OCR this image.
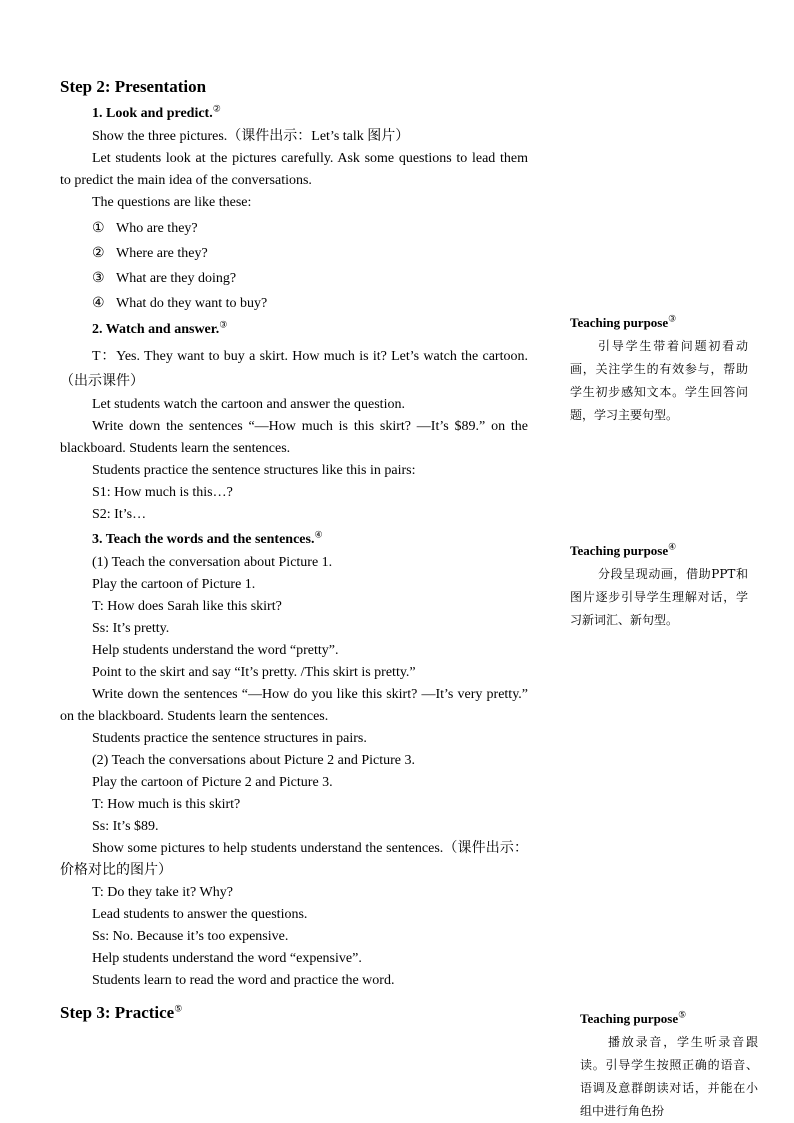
Step 2: Presentation
1. Look and predict.②
Show the three pictures.（课件出示：Let’s talk 图片）
Let students look at the pictures carefully. Ask some questions to lead them to predict the main idea of the conversations.
The questions are like these:
① Who are they?
② Where are they?
③ What are they doing?
④ What do they want to buy?
2. Watch and answer.③
T：Yes. They want to buy a skirt. How much is it? Let’s watch the cartoon.（出示课件）
Let students watch the cartoon and answer the question.
Write down the sentences “—How much is this skirt? —It’s $89.” on the blackboard. Students learn the sentences.
Students practice the sentence structures like this in pairs:
S1: How much is this…?
S2: It’s…
3. Teach the words and the sentences.④
(1) Teach the conversation about Picture 1.
Play the cartoon of Picture 1.
T: How does Sarah like this skirt?
Ss: It’s pretty.
Help students understand the word “pretty”.
Point to the skirt and say “It’s pretty. /This skirt is pretty.”
Write down the sentences “—How do you like this skirt? —It’s very pretty.” on the blackboard. Students learn the sentences.
Students practice the sentence structures in pairs.
(2) Teach the conversations about Picture 2 and Picture 3.
Play the cartoon of Picture 2 and Picture 3.
T: How much is this skirt?
Ss: It’s $89.
Show some pictures to help students understand the sentences.（课件出示：价格对比的图片）
T: Do they take it? Why?
Lead students to answer the questions.
Ss: No. Because it’s too expensive.
Help students understand the word “expensive”.
Students learn to read the word and practice the word.
Step 3: Practice⑤
Teaching purpose③
引导学生带着问题初看动画，关注学生的有效参与，帮助学生初步感知文本。学生回答问题，学习主要句型。
Teaching purpose④
分段呈现动画，借助PPT和图片逐步引导学生理解对话，学习新词汇、新句型。
Teaching purpose⑤
播放录音，学生听录音跟读。引导学生按照正确的语音、语调及意群朗读对话，并能在小组中进行角色扮
